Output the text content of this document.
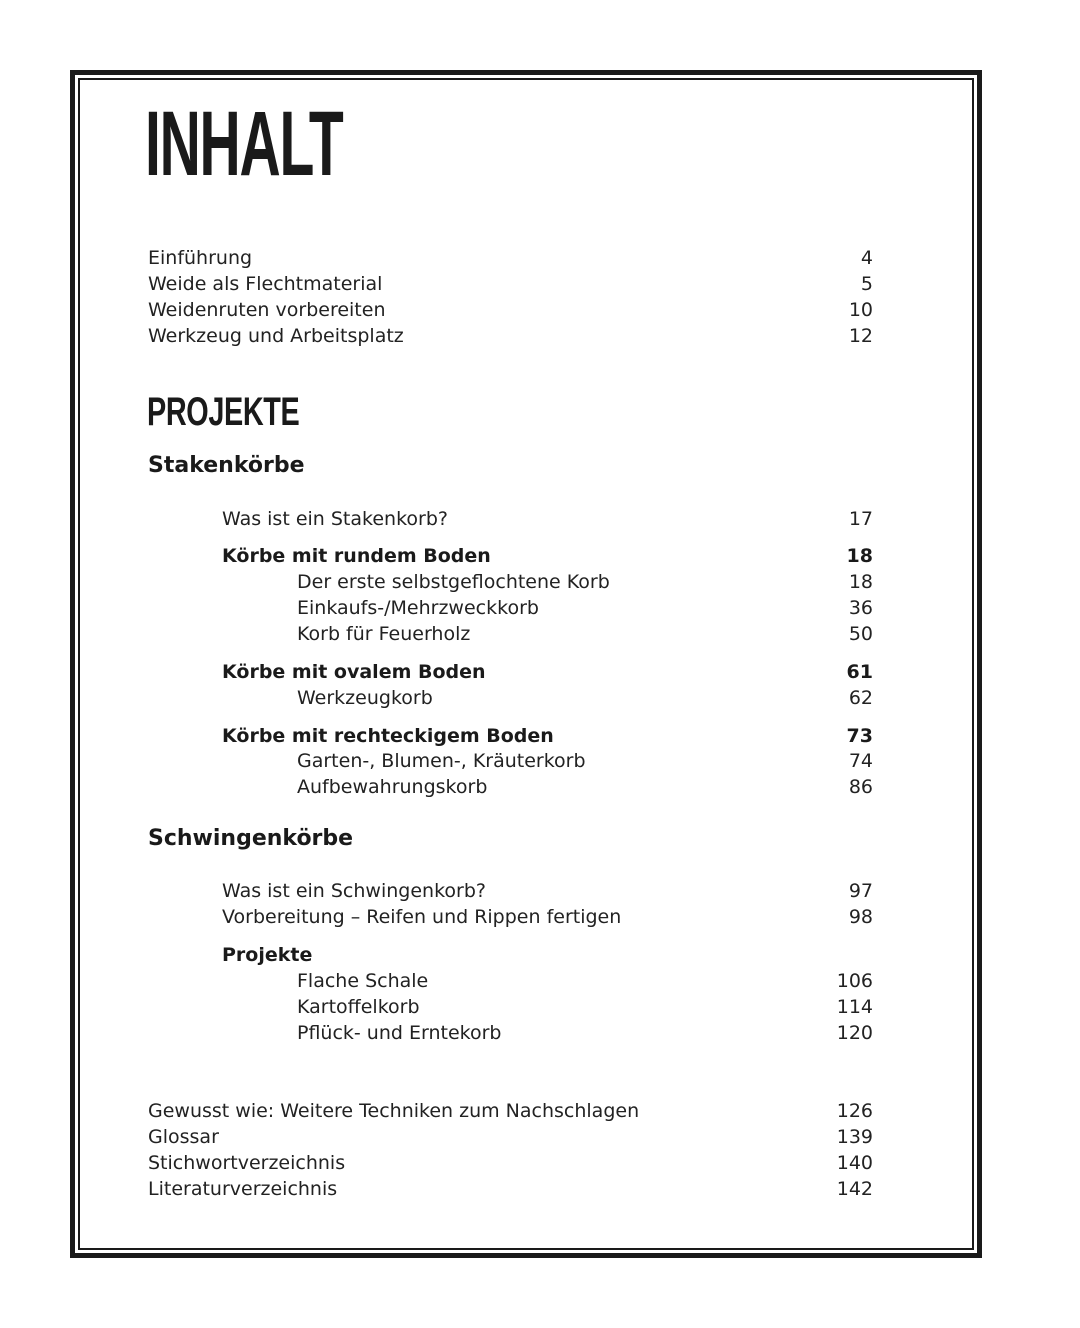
INHALT
Einführung	4
Weide als Flechtmaterial	5
Weidenruten vorbereiten	10
Werkzeug und Arbeitsplatz	12
PROJEKTE
Stakenkörbe
Was ist ein Stakenkorb?	17
Körbe mit rundem Boden	18
Der erste selbstgeflochtene Korb	18
Einkaufs-/Mehrzweckkorb	36
Korb für Feuerholz	50
Körbe mit ovalem Boden	61
Werkzeugkorb	62
Körbe mit rechteckigem Boden	73
Garten-, Blumen-, Kräuterkorb	74
Aufbewahrungskorb	86
Schwingenkörbe
Was ist ein Schwingenkorb?	97
Vorbereitung – Reifen und Rippen fertigen	98
Projekte
Flache Schale	106
Kartoffelkorb	114
Pflück- und Erntekorb	120
Gewusst wie: Weitere Techniken zum Nachschlagen	126
Glossar	139
Stichwortverzeichnis	140
Literaturverzeichnis	142
